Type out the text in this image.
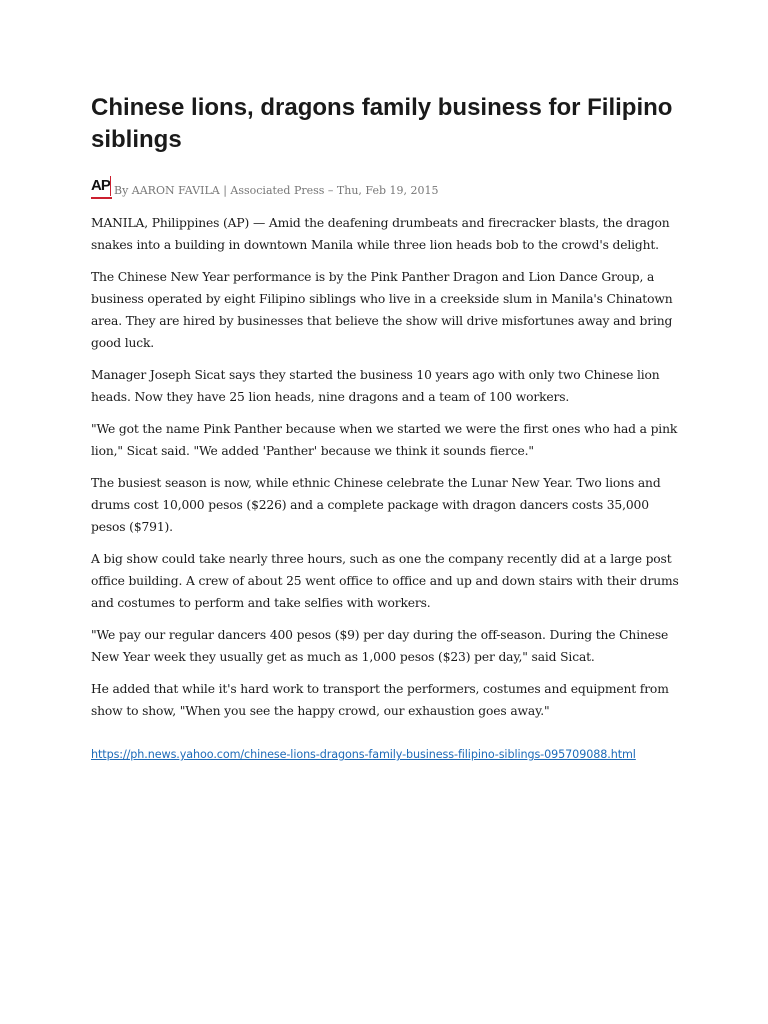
Chinese lions, dragons family business for Filipino siblings
AP By AARON FAVILA | Associated Press – Thu, Feb 19, 2015

MANILA, Philippines (AP) — Amid the deafening drumbeats and firecracker blasts, the dragon snakes into a building in downtown Manila while three lion heads bob to the crowd's delight.

The Chinese New Year performance is by the Pink Panther Dragon and Lion Dance Group, a business operated by eight Filipino siblings who live in a creekside slum in Manila's Chinatown area. They are hired by businesses that believe the show will drive misfortunes away and bring good luck.

Manager Joseph Sicat says they started the business 10 years ago with only two Chinese lion heads. Now they have 25 lion heads, nine dragons and a team of 100 workers.

"We got the name Pink Panther because when we started we were the first ones who had a pink lion," Sicat said. "We added 'Panther' because we think it sounds fierce."

The busiest season is now, while ethnic Chinese celebrate the Lunar New Year. Two lions and drums cost 10,000 pesos ($226) and a complete package with dragon dancers costs 35,000 pesos ($791).

A big show could take nearly three hours, such as one the company recently did at a large post office building. A crew of about 25 went office to office and up and down stairs with their drums and costumes to perform and take selfies with workers.

"We pay our regular dancers 400 pesos ($9) per day during the off-season. During the Chinese New Year week they usually get as much as 1,000 pesos ($23) per day," said Sicat.

He added that while it's hard work to transport the performers, costumes and equipment from show to show, "When you see the happy crowd, our exhaustion goes away."

https://ph.news.yahoo.com/chinese-lions-dragons-family-business-filipino-siblings-095709088.html
